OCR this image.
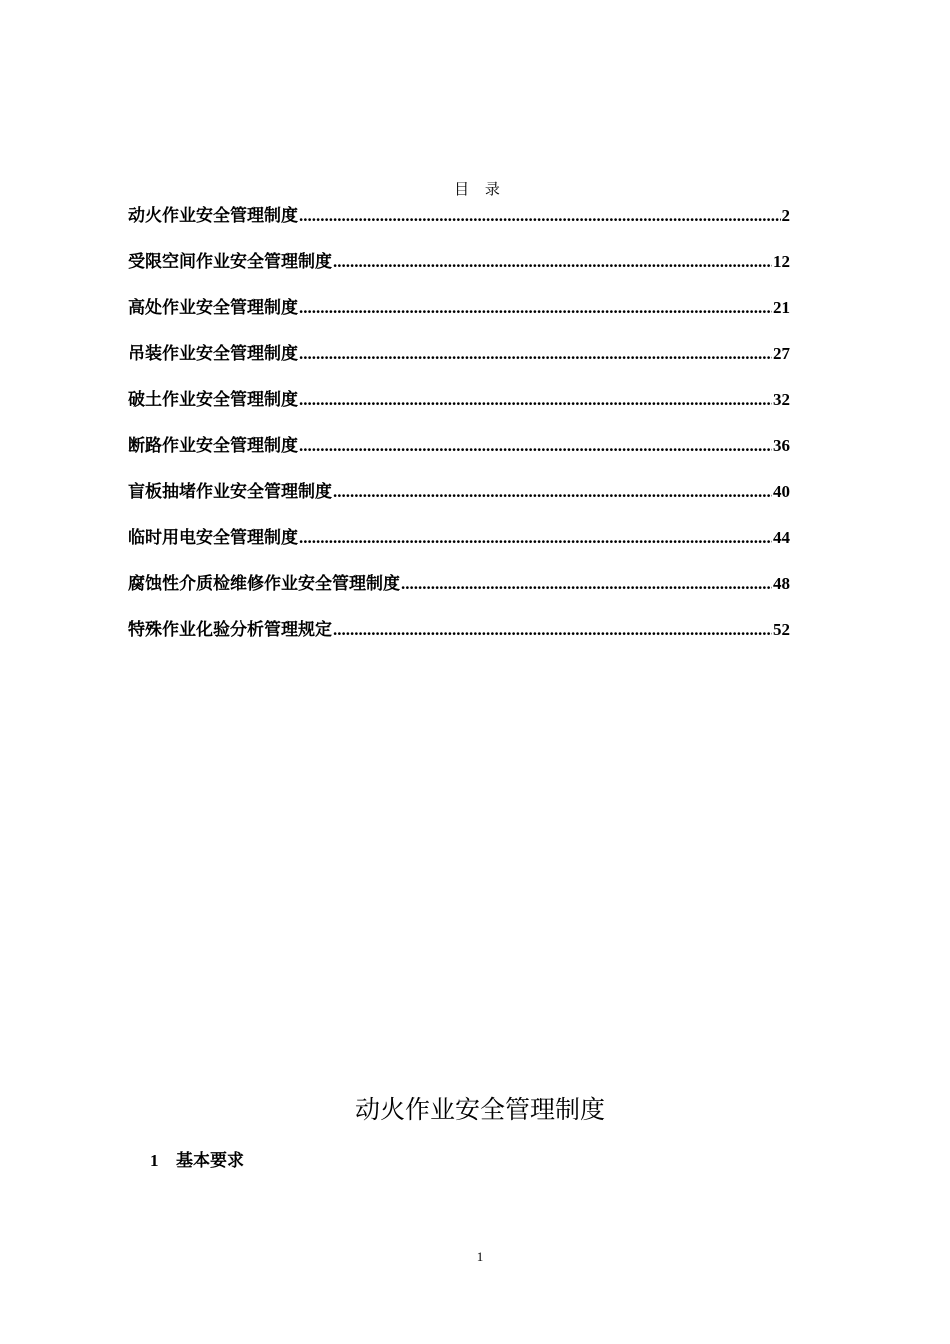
目 录
动火作业安全管理制度 .....	2
受限空间作业安全管理制度 .....	12
高处作业安全管理制度 .....	21
吊装作业安全管理制度 .....	27
破土作业安全管理制度 .....	32
断路作业安全管理制度 .....	36
盲板抽堵作业安全管理制度 .....	40
临时用电安全管理制度 .....	44
腐蚀性介质检维修作业安全管理制度 .....	48
特殊作业化验分析管理规定 .....	52
动火作业安全管理制度
1 基本要求
1
